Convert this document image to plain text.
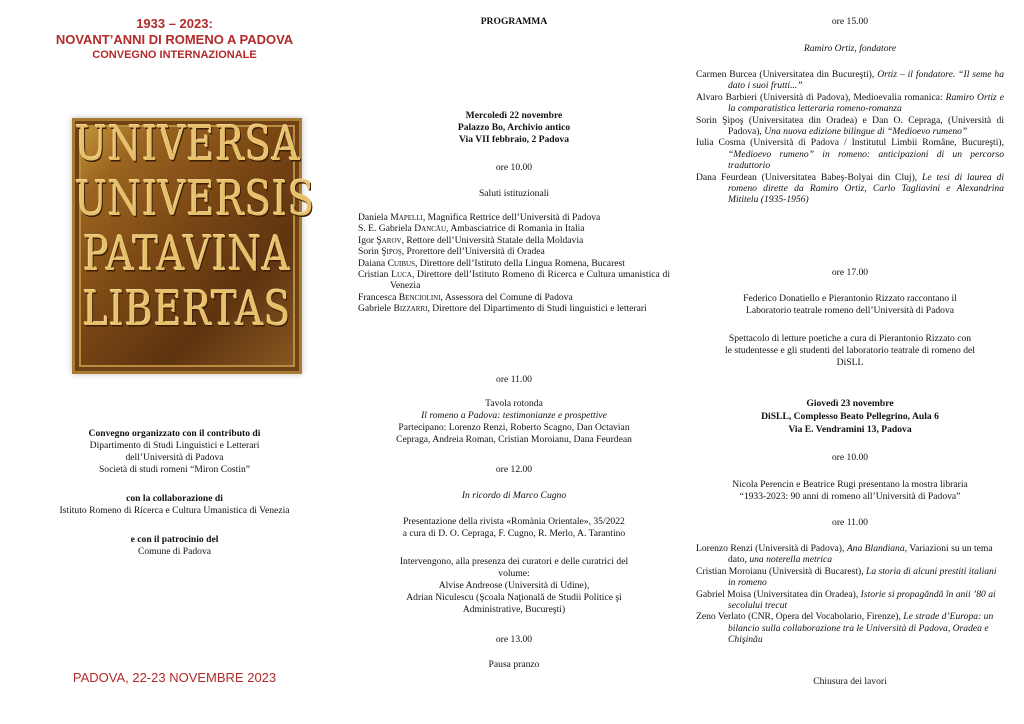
1933 – 2023:
NOVANT’ANNI DI ROMENO A PADOVA
CONVEGNO INTERNAZIONALE
UNIVERSA
UNIVERSIS
PATAVINA
LIBERTAS
Convegno organizzato con il contributo di
Dipartimento di Studi Linguistici e Letterari
dell’Università di Padova
Società di studi romeni “Miron Costin”
con la collaborazione di
Istituto Romeno di Ricerca e Cultura Umanistica di Venezia
e con il patrocinio del
Comune di Padova
PADOVA, 22-23 NOVEMBRE 2023
PROGRAMMA
Mercoledì 22 novembre
Palazzo Bo, Archivio antico
Via VII febbraio, 2 Padova
ore 10.00
Saluti istituzionali
Daniela Mapelli, Magnifica Rettrice dell’Università di Padova
S. E. Gabriela Dancău, Ambasciatrice di Romania in Italia
Igor Şarov, Rettore dell’Università Statale della Moldavia
Sorin Şipoş, Prorettore dell’Università di Oradea
Daiana Cuibus, Direttore dell’Istituto della Lingua Romena, Bucarest
Cristian Luca, Direttore dell’Istituto Romeno di Ricerca e Cultura umanistica di Venezia
Francesca Benciolini, Assessora del Comune di Padova
Gabriele Bizzarri, Direttore del Dipartimento di Studi linguistici e letterari
ore 11.00
Tavola rotonda
Il romeno a Padova: testimonianze e prospettive
Partecipano: Lorenzo Renzi, Roberto Scagno, Dan Octavian
Cepraga, Andreia Roman, Cristian Moroianu, Dana Feurdean
ore 12.00
In ricordo di Marco Cugno
Presentazione della rivista «Romània Orientale», 35/2022
a cura di D. O. Cepraga, F. Cugno, R. Merlo, A. Tarantino
Intervengono, alla presenza dei curatori e delle curatrici del
volume:
Alvise Andreose (Università di Udine),
Adrian Niculescu (Şcoala Naţională de Studii Politice şi
Administrative, Bucureşti)
ore 13.00
Pausa pranzo
ore 15.00
Ramiro Ortiz, fondatore
Carmen Burcea (Universitatea din Bucureşti), Ortiz – il fondatore. “Il seme ha dato i suoi frutti...”
Alvaro Barbieri (Università di Padova), Medioevalia romanica: Ramiro Ortiz e la comparatistica letteraria romeno-romanza
Sorin Şipoş (Universitatea din Oradea) e Dan O. Cepraga, (Università di Padova), Una nuova edizione bilingue di “Medioevo rumeno”
Iulia Cosma (Università di Padova / Institutul Limbii Române, Bucureşti), “Medioevo rumeno” in romeno: anticipazioni di un percorso traduttorio
Dana Feurdean (Universitatea Babeș-Bolyai din Cluj), Le tesi di laurea di romeno dirette da Ramiro Ortiz, Carlo Tagliavini e Alexandrina Mititelu (1935-1956)
ore 17.00
Federico Donatiello e Pierantonio Rizzato raccontano il
Laboratorio teatrale romeno dell’Università di Padova
Spettacolo di letture poetiche a cura di Pierantonio Rizzato con
le studentesse e gli studenti del laboratorio teatrale di romeno del
DiSLL
Giovedì 23 novembre
DiSLL, Complesso Beato Pellegrino, Aula 6
Via E. Vendramini 13, Padova
ore 10.00
Nicola Perencin e Beatrice Rugi presentano la mostra libraria
“1933-2023: 90 anni di romeno all’Università di Padova”
ore 11.00
Lorenzo Renzi (Università di Padova), Ana Blandiana, Variazioni su un tema dato, una noterella metrica
Cristian Moroianu (Università di Bucarest), La storia di alcuni prestiti italiani in romeno
Gabriel Moisa (Universitatea din Oradea), Istorie si propagăndă în anii ’80 ai secolului trecut
Zeno Verlato (CNR, Opera del Vocabolario, Firenze), Le strade d’Europa: un bilancio sulla collaborazione tra le Università di Padova, Oradea e Chişinău
Chiusura dei lavori
